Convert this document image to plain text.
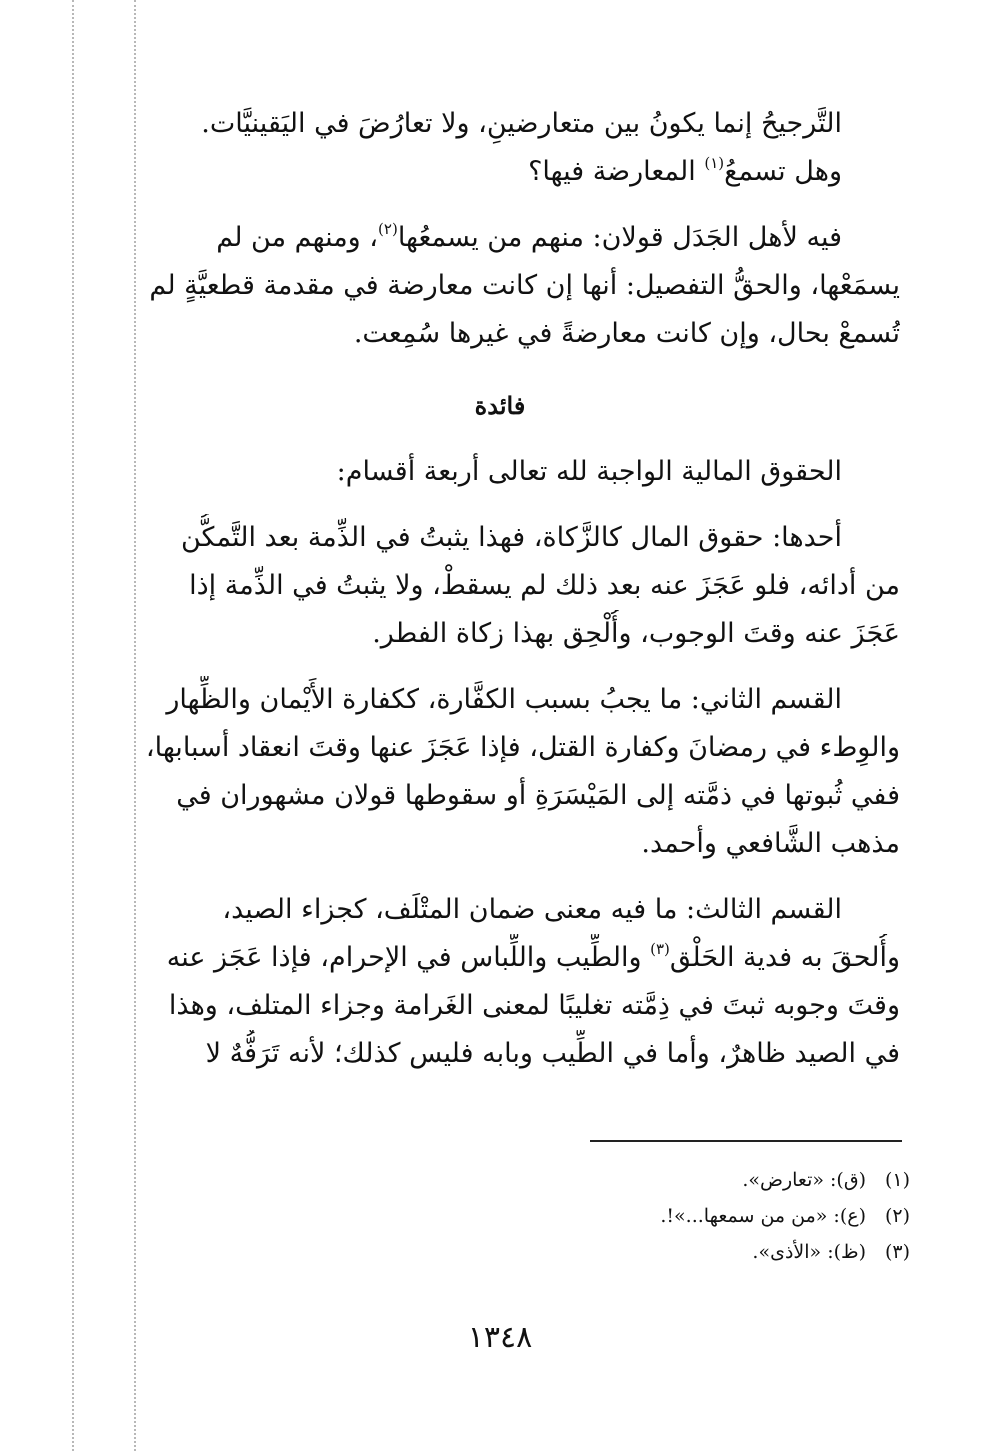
التَّرجيحُ إنما يكونُ بين متعارضينِ، ولا تعارُضَ في اليَقينيَّات.

وهل تسمعُ$^{(١)}$ المعارضة فيها؟

فيه لأهل الجَدَل قولان: منهم من يسمعُها$^{(٢)}$، ومنهم من لم

يسمَعْها، والحقُّ التفصيل: أنها إن كانت معارضة في مقدمة قطعيَّةٍ لم

تُسمعْ بحال، وإن كانت معارضةً في غيرها سُمِعت.

فائدة

الحقوق المالية الواجبة لله تعالى أربعة أقسام:

أحدها: حقوق المال كالزَّكاة، فهذا يثبتُ في الذِّمة بعد التَّمكُّن

من أدائه، فلو عَجَزَ عنه بعد ذلك لم يسقطْ، ولا يثبتُ في الذِّمة إذا

عَجَزَ عنه وقتَ الوجوب، وأُلْحِق بهذا زكاة الفطر.

القسم الثاني: ما يجبُ بسبب الكفَّارة، ككفارة الأَيْمان والظِّهار

والوِطء في رمضانَ وكفارة القتل، فإذا عَجَزَ عنها وقتَ انعقاد أسبابها،

ففي ثُبوتها في ذمَّته إلى المَيْسَرَةِ أو سقوطها قولان مشهوران في

مذهب الشَّافعي وأحمد.

القسم الثالث: ما فيه معنى ضمان المتْلَف، كجزاء الصيد،

وأُلحقَ به فدية الحَلْق$^{(٣)}$ والطِّيب واللِّباس في الإحرام، فإذا عَجَز عنه

وقتَ وجوبه ثبتَ في ذِمَّته تغليبًا لمعنى الغَرامة وجزاء المتلف، وهذا

في الصيد ظاهرٌ، وأما في الطِّيب وبابه فليس كذلك؛ لأنه تَرَفُّهٌ لا

(١)(ق): «تعارض».
(٢)(ع): «من من سمعها...»!.
(٣)(ظ): «الأذى».
١٣٤٨
